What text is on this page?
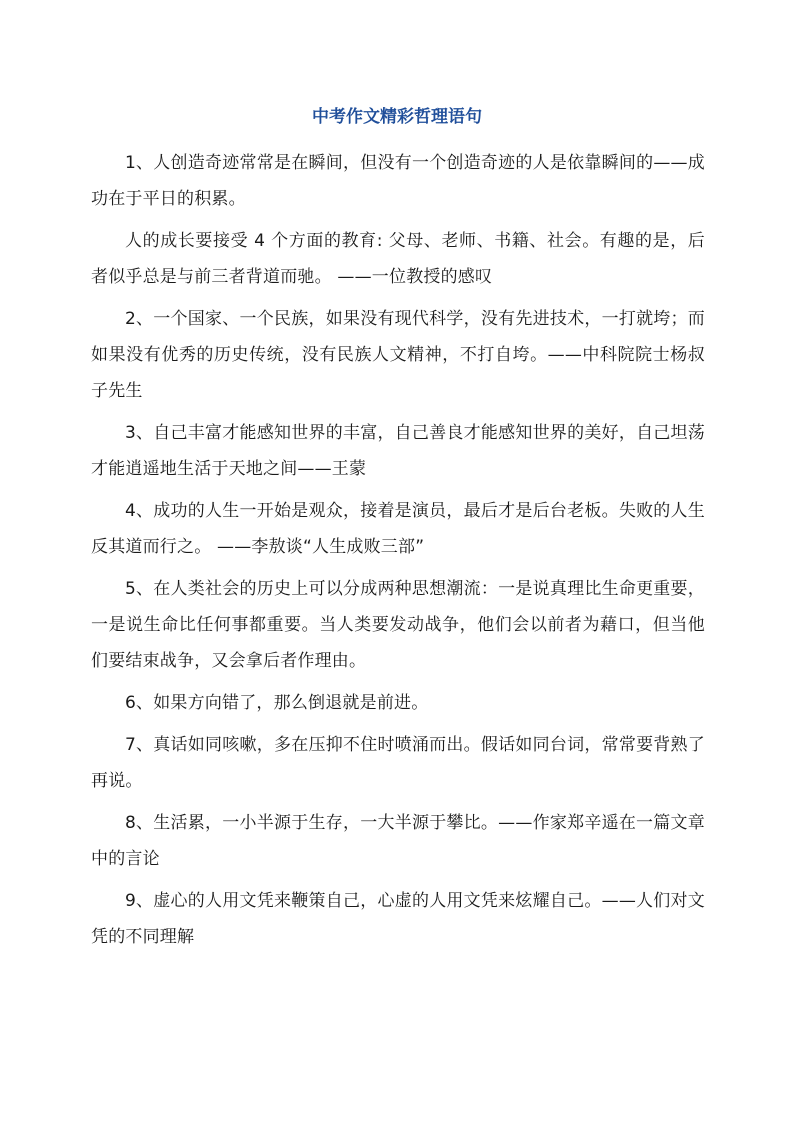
中考作文精彩哲理语句

1、人创造奇迹常常是在瞬间，但没有一个创造奇迹的人是依靠瞬间的——成功在于平日的积累。

人的成长要接受 4 个方面的教育: 父母、老师、书籍、社会。有趣的是，后者似乎总是与前三者背道而驰。 ——一位教授的感叹

2、一个国家、一个民族，如果没有现代科学，没有先进技术，一打就垮；而如果没有优秀的历史传统，没有民族人文精神，不打自垮。——中科院院士杨叔子先生

3、自己丰富才能感知世界的丰富，自己善良才能感知世界的美好，自己坦荡才能逍遥地生活于天地之间——王蒙

4、成功的人生一开始是观众，接着是演员，最后才是后台老板。失败的人生反其道而行之。 ——李敖谈“人生成败三部”

5、在人类社会的历史上可以分成两种思想潮流：一是说真理比生命更重要，一是说生命比任何事都重要。当人类要发动战争，他们会以前者为藉口，但当他们要结束战争，又会拿后者作理由。

6、如果方向错了，那么倒退就是前进。

7、真话如同咳嗽，多在压抑不住时喷涌而出。假话如同台词，常常要背熟了再说。

8、生活累，一小半源于生存，一大半源于攀比。——作家郑辛遥在一篇文章中的言论

9、虚心的人用文凭来鞭策自己，心虚的人用文凭来炫耀自己。——人们对文凭的不同理解
